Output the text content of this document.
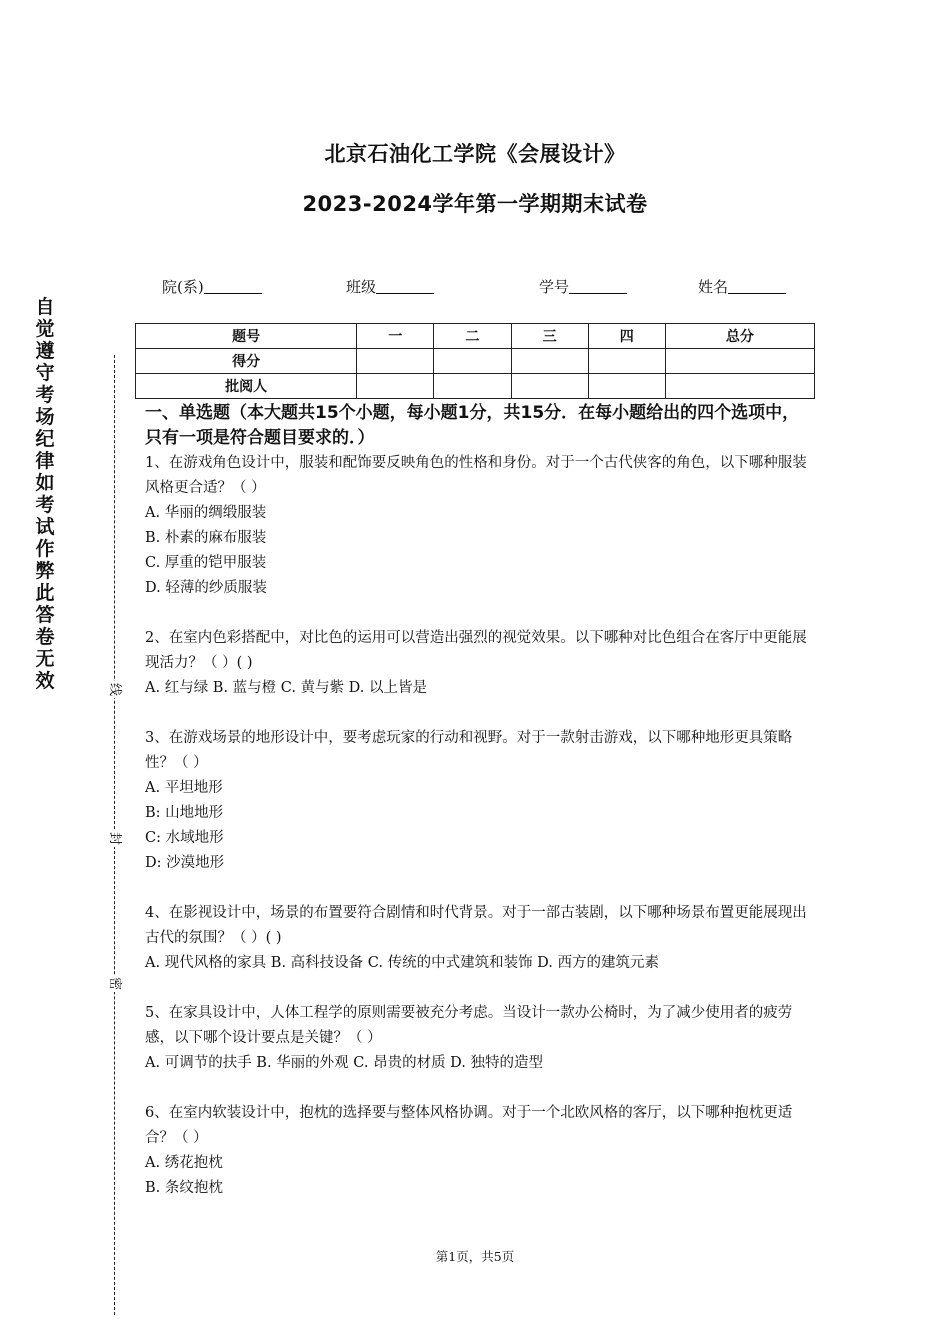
北京石油化工学院《会展设计》
2023-2024学年第一学期期末试卷
院(系)	班级	学号	姓名
题号	一	二	三	四	总分
得分					
批阅人					
自觉遵守考场纪律如考试作弊此答卷无效	线
封
密

一、单选题（本大题共15个小题，每小题1分，共15分．在每小题给出的四个选项中，只有一项是符合题目要求的．）

1、在游戏角色设计中，服装和配饰要反映角色的性格和身份。对于一个古代侠客的角色，以下哪种服装风格更合适？（ ）

A. 华丽的绸缎服装

B. 朴素的麻布服装

C. 厚重的铠甲服装

D. 轻薄的纱质服装

2、在室内色彩搭配中，对比色的运用可以营造出强烈的视觉效果。以下哪种对比色组合在客厅中更能展现活力？（ ）( )

A. 红与绿 B. 蓝与橙 C. 黄与紫 D. 以上皆是

3、在游戏场景的地形设计中，要考虑玩家的行动和视野。对于一款射击游戏，以下哪种地形更具策略性？（ ）

A. 平坦地形

B: 山地地形

C: 水域地形

D: 沙漠地形

4、在影视设计中，场景的布置要符合剧情和时代背景。对于一部古装剧，以下哪种场景布置更能展现出古代的氛围？（ ）( )

A. 现代风格的家具 B. 高科技设备 C. 传统的中式建筑和装饰 D. 西方的建筑元素

5、在家具设计中，人体工程学的原则需要被充分考虑。当设计一款办公椅时，为了减少使用者的疲劳感，以下哪个设计要点是关键？（ ）

A. 可调节的扶手 B. 华丽的外观 C. 昂贵的材质 D. 独特的造型

6、在室内软装设计中，抱枕的选择要与整体风格协调。对于一个北欧风格的客厅，以下哪种抱枕更适合？（ ）

A. 绣花抱枕

B. 条纹抱枕

第1页，共5页
